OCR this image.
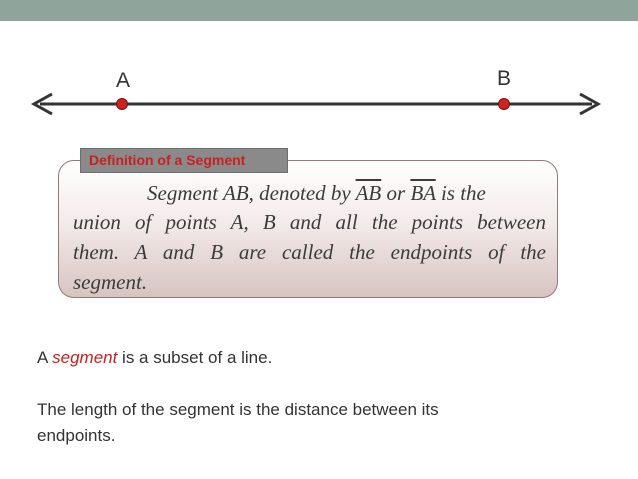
A	B
Definition of a Segment
Segment AB, denoted by $\overline{AB}$ or $\overline{BA}$ is the
union of points A, B and all the points between
them. A and B are called the endpoints of the
segment.
A segment is a subset of a line.
The length of the segment is the distance between its
endpoints.
